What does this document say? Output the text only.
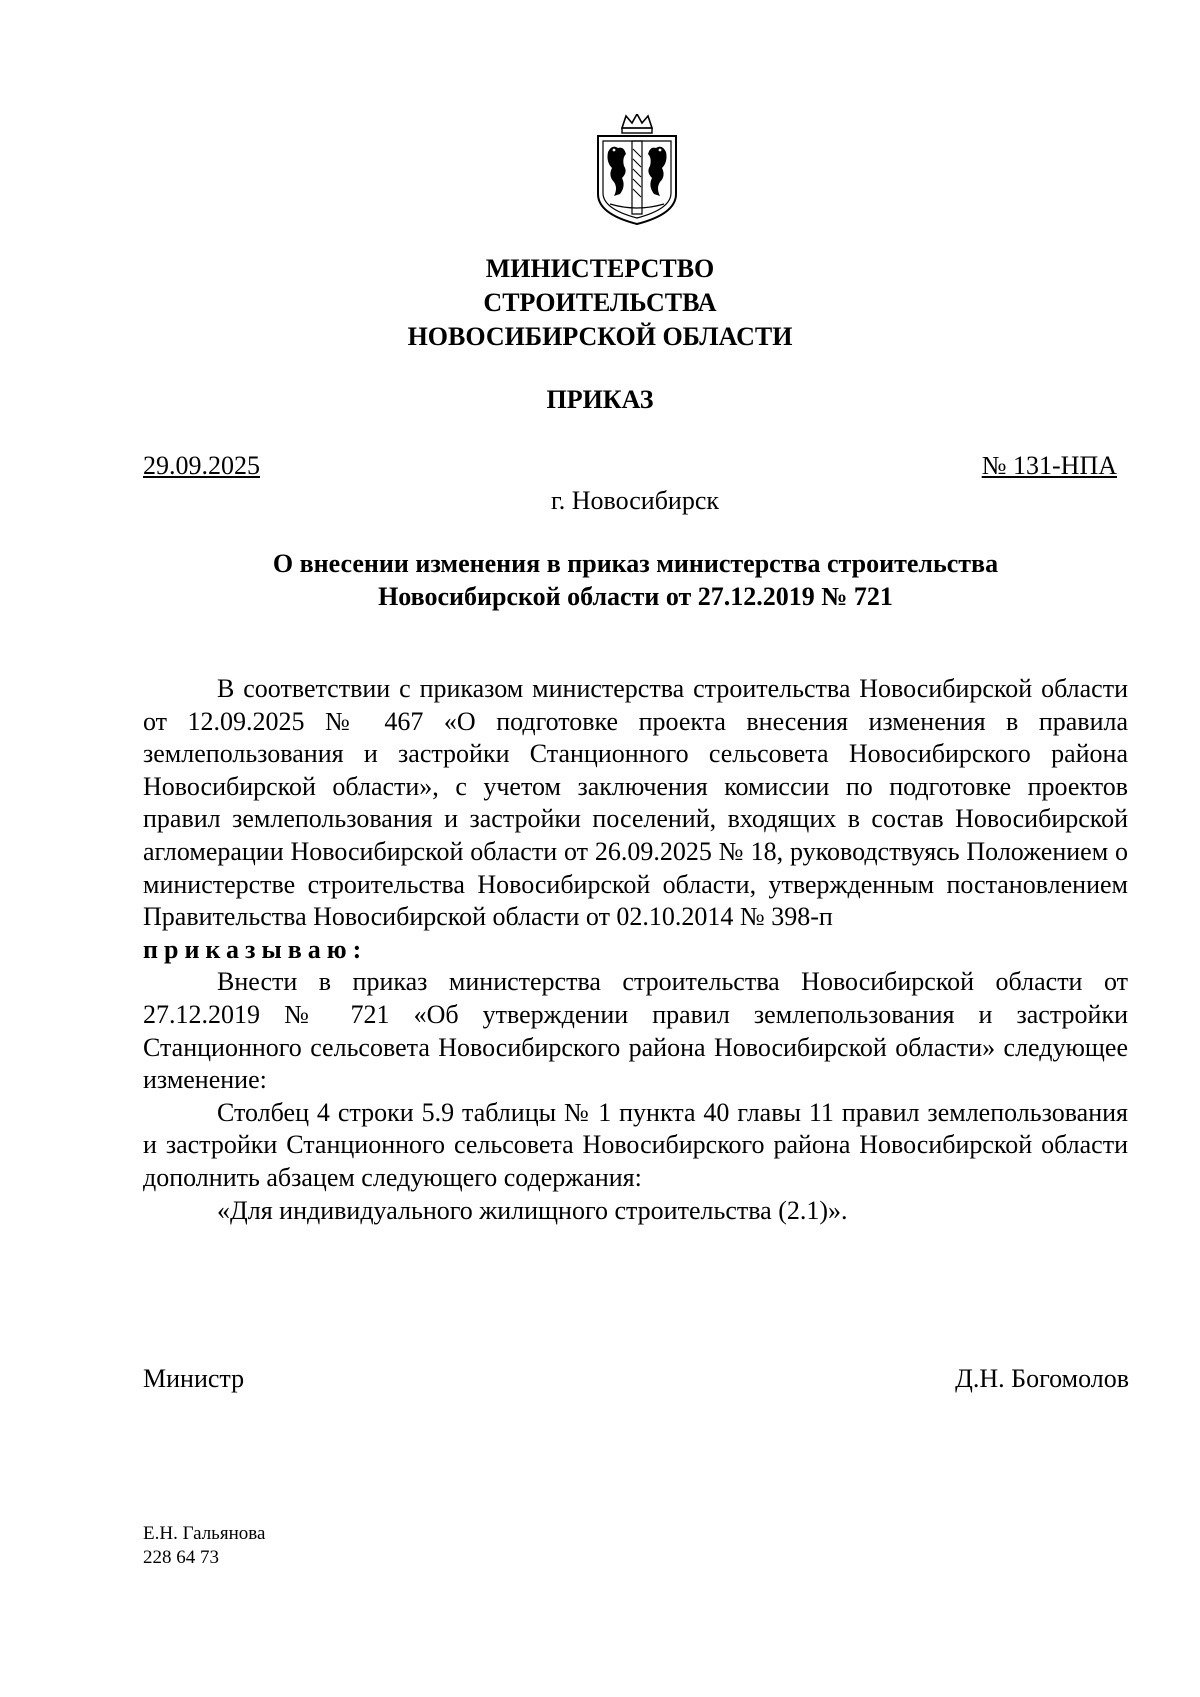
МИНИСТЕРСТВО
СТРОИТЕЛЬСТВА
НОВОСИБИРСКОЙ ОБЛАСТИ
ПРИКАЗ
29.09.2025	№ 131-НПА
г. Новосибирск
О внесении изменения в приказ министерства строительства
Новосибирской области от 27.12.2019 № 721

В соответствии с приказом министерства строительства Новосибирской области от 12.09.2025 № 467 «О подготовке проекта внесения изменения в правила землепользования и застройки Станционного сельсовета Новосибирского района Новосибирской области», с учетом заключения комиссии по подготовке проектов правил землепользования и застройки поселений, входящих в состав Новосибирской агломерации Новосибирской области от 26.09.2025 № 18, руководствуясь Положением о министерстве строительства Новосибирской области, утвержденным постановлением Правительства Новосибирской области от 02.10.2014 № 398-п

приказываю:

Внести в приказ министерства строительства Новосибирской области от 27.12.2019 № 721 «Об утверждении правил землепользования и застройки Станционного сельсовета Новосибирского района Новосибирской области» следующее изменение:

Столбец 4 строки 5.9 таблицы № 1 пункта 40 главы 11 правил землепользования и застройки Станционного сельсовета Новосибирского района Новосибирской области дополнить абзацем следующего содержания:

«Для индивидуального жилищного строительства (2.1)».

Министр	Д.Н. Богомолов
Е.Н. Гальянова
228 64 73
